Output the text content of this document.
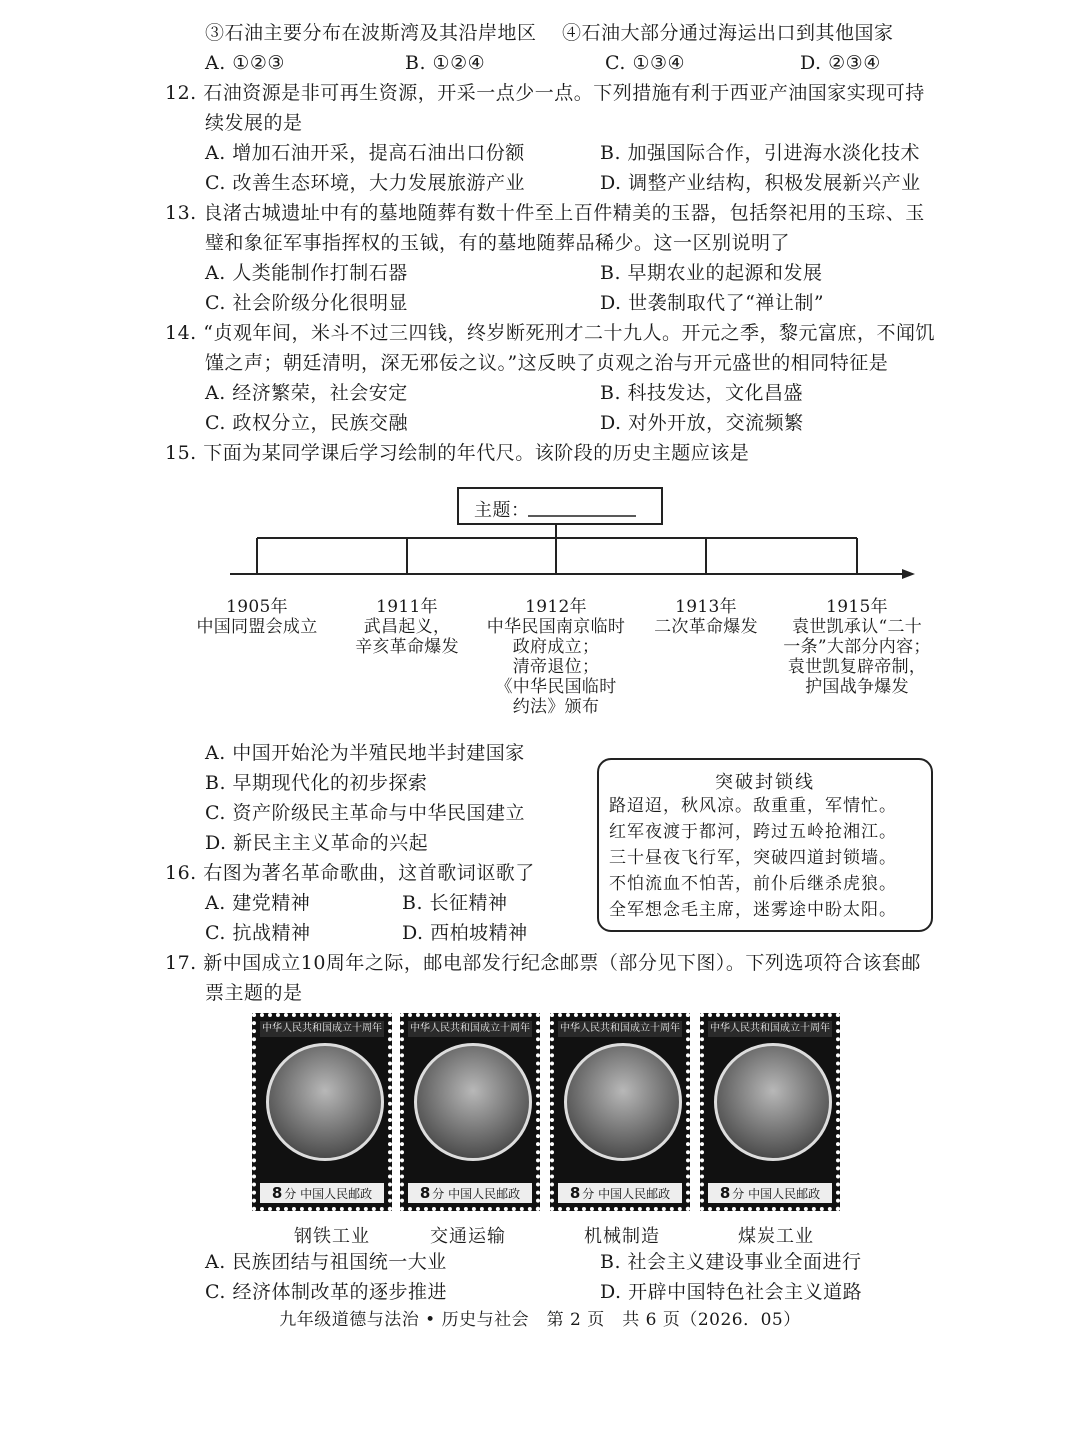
③石油主要分布在波斯湾及其沿岸地区 ④石油大部分通过海运出口到其他国家
A. ①②③	B. ①②④	C. ①③④	D. ②③④
12. 石油资源是非可再生资源，开采一点少一点。下列措施有利于西亚产油国家实现可持
续发展的是
A. 增加石油开采，提高石油出口份额	B. 加强国际合作，引进海水淡化技术
C. 改善生态环境，大力发展旅游产业	D. 调整产业结构，积极发展新兴产业
13. 良渚古城遗址中有的墓地随葬有数十件至上百件精美的玉器，包括祭祀用的玉琮、玉
璧和象征军事指挥权的玉钺，有的墓地随葬品稀少。这一区别说明了
A. 人类能制作打制石器	B. 早期农业的起源和发展
C. 社会阶级分化很明显	D. 世袭制取代了“禅让制”
14. “贞观年间，米斗不过三四钱，终岁断死刑才二十九人。开元之季，黎元富庶，不闻饥
馑之声；朝廷清明，深无邪佞之议。”这反映了贞观之治与开元盛世的相同特征是
A. 经济繁荣，社会安定	B. 科技发达，文化昌盛
C. 政权分立，民族交融	D. 对外开放，交流频繁
15. 下面为某同学课后学习绘制的年代尺。该阶段的历史主题应该是
主题：
1905年
中国同盟会成立
1911年
武昌起义，
辛亥革命爆发
1912年
中华民国南京临时
政府成立；
清帝退位；
《中华民国临时
约法》颁布
1913年
二次革命爆发
1915年
袁世凯承认“二十
一条”大部分内容；
袁世凯复辟帝制，
护国战争爆发
A. 中国开始沦为半殖民地半封建国家
B. 早期现代化的初步探索
C. 资产阶级民主革命与中华民国建立
D. 新民主主义革命的兴起
突破封锁线
路迢迢，秋风凉。敌重重，军情忙。
红军夜渡于都河，跨过五岭抢湘江。
三十昼夜飞行军，突破四道封锁墙。
不怕流血不怕苦，前仆后继杀虎狼。
全军想念毛主席，迷雾途中盼太阳。
16. 右图为著名革命歌曲，这首歌词讴歌了
A. 建党精神	B. 长征精神
C. 抗战精神	D. 西柏坡精神
17. 新中国成立10周年之际，邮电部发行纪念邮票（部分见下图）。下列选项符合该套邮
票主题的是
中华人民共和国成立十周年
8 分 中国人民邮政
中华人民共和国成立十周年
8 分 中国人民邮政
中华人民共和国成立十周年
8 分 中国人民邮政
中华人民共和国成立十周年
8 分 中国人民邮政
钢铁工业	交通运输	机械制造	煤炭工业
A. 民族团结与祖国统一大业	B. 社会主义建设事业全面进行
C. 经济体制改革的逐步推进	D. 开辟中国特色社会主义道路
九年级道德与法治 • 历史与社会　第 2 页　共 6 页（2026．05）
